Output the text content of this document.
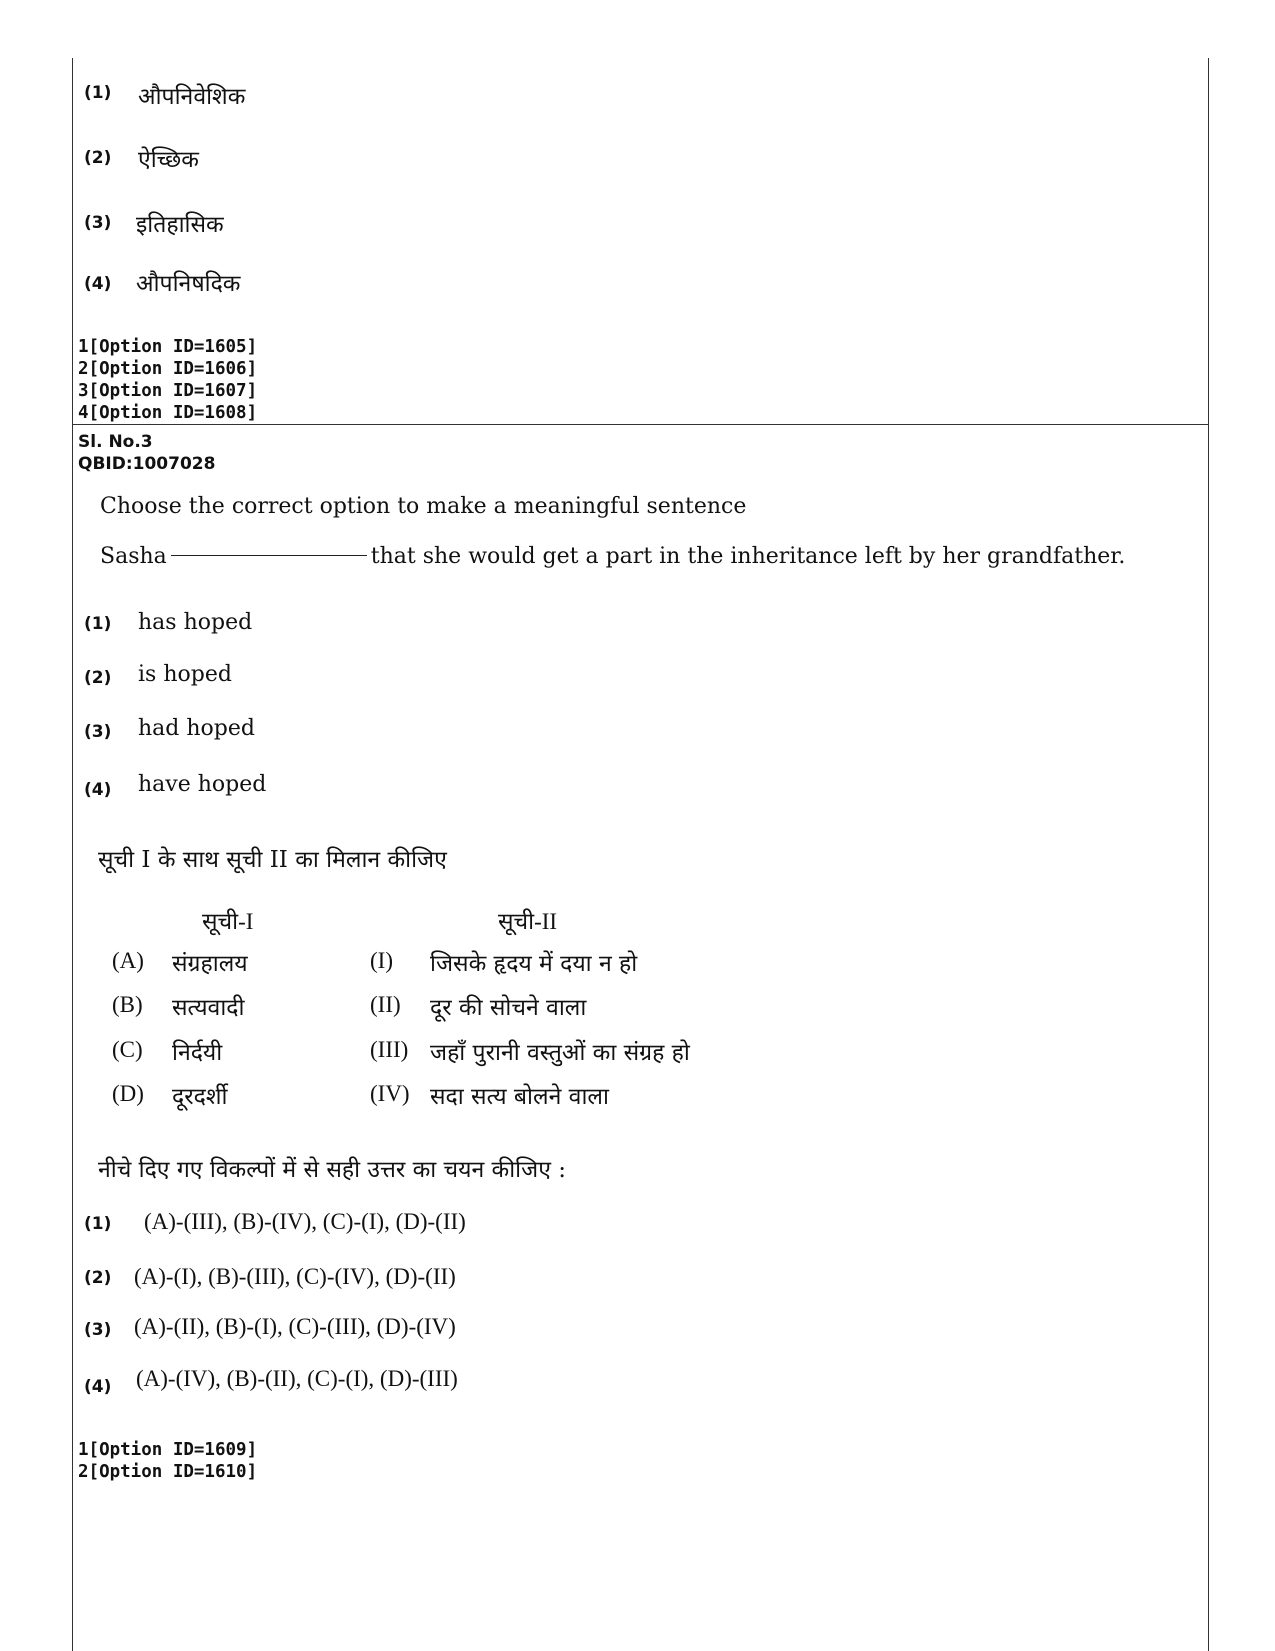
(1) औपनिवेशिक
(2) ऐच्छिक
(3) इतिहासिक
(4) औपनिषदिक
1[Option ID=1605]
2[Option ID=1606]
3[Option ID=1607]
4[Option ID=1608]
Sl. No.3
QBID:1007028
Choose the correct option to make a meaningful sentence
Sasha	that she would get a part in the inheritance left by her grandfather.
(1) has hoped
(2) is hoped
(3) had hoped
(4) have hoped
सूची I के साथ सूची II का मिलान कीजिए
सूची-I	सूची-II
(A) संग्रहालय	(I) जिसके हृदय में दया न हो
(B) सत्यवादी	(II) दूर की सोचने वाला
(C) निर्दयी	(III) जहाँ पुरानी वस्तुओं का संग्रह हो
(D) दूरदर्शी	(IV) सदा सत्य बोलने वाला
नीचे दिए गए विकल्पों में से सही उत्तर का चयन कीजिए :
(1) (A)-(III), (B)-(IV), (C)-(I), (D)-(II)
(2) (A)-(I), (B)-(III), (C)-(IV), (D)-(II)
(3) (A)-(II), (B)-(I), (C)-(III), (D)-(IV)
(4) (A)-(IV), (B)-(II), (C)-(I), (D)-(III)
1[Option ID=1609]
2[Option ID=1610]
